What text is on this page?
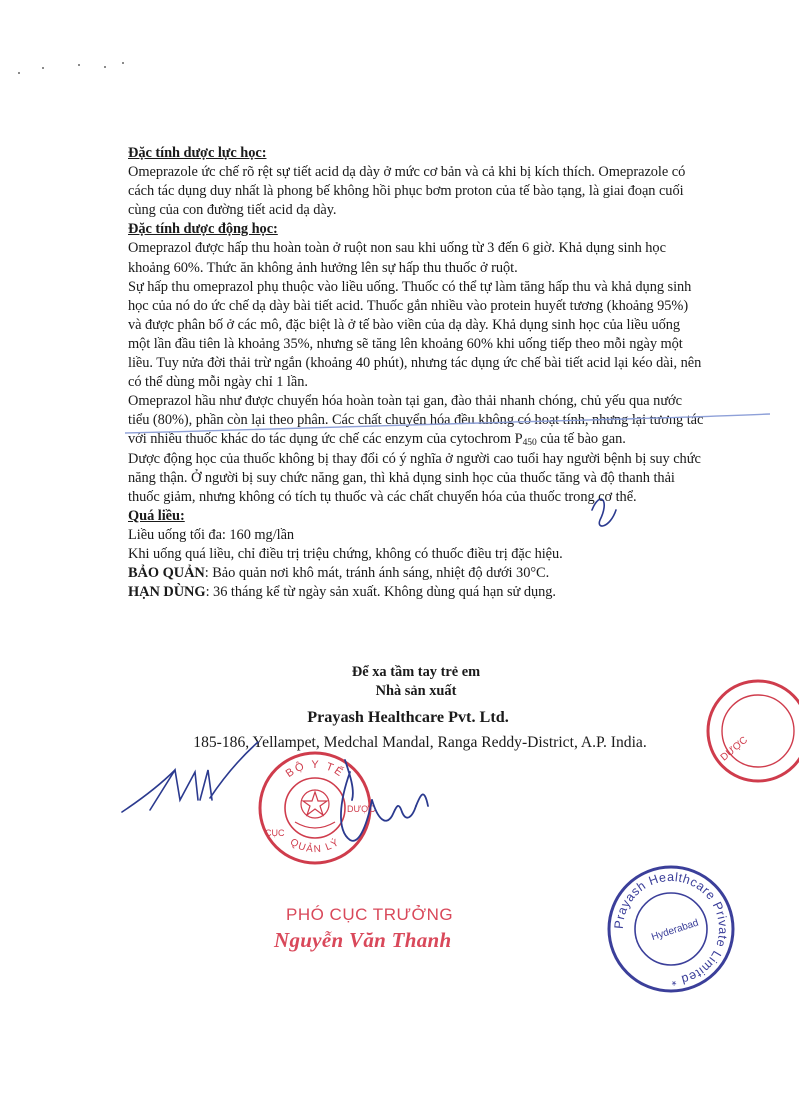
Đặc tính dược lực học:

Omeprazole ức chế rõ rệt sự tiết acid dạ dày ở mức cơ bản và cả khi bị kích thích. Omeprazole có cách tác dụng duy nhất là phong bế không hồi phục bơm proton của tế bào tạng, là giai đoạn cuối cùng của con đường tiết acid dạ dày.

Đặc tính dược động học:

Omeprazol được hấp thu hoàn toàn ở ruột non sau khi uống từ 3 đến 6 giờ. Khả dụng sinh học khoảng 60%. Thức ăn không ảnh hưởng lên sự hấp thu thuốc ở ruột.

Sự hấp thu omeprazol phụ thuộc vào liều uống. Thuốc có thể tự làm tăng hấp thu và khả dụng sinh học của nó do ức chế dạ dày bài tiết acid. Thuốc gắn nhiều vào protein huyết tương (khoảng 95%) và được phân bố ở các mô, đặc biệt là ở tế bào viền của dạ dày. Khả dụng sinh học của liều uống một lần đầu tiên là khoảng 35%, nhưng sẽ tăng lên khoảng 60% khi uống tiếp theo mỗi ngày một liều. Tuy nửa đời thải trừ ngắn (khoảng 40 phút), nhưng tác dụng ức chế bài tiết acid lại kéo dài, nên có thể dùng mỗi ngày chỉ 1 lần.

Omeprazol hầu như được chuyển hóa hoàn toàn tại gan, đào thải nhanh chóng, chủ yếu qua nước tiểu (80%), phần còn lại theo phân. Các chất chuyển hóa đều không có hoạt tính, nhưng lại tương tác với nhiều thuốc khác do tác dụng ức chế các enzym của cytochrom $P_{450}$ của tế bào gan.

Dược động học của thuốc không bị thay đổi có ý nghĩa ở người cao tuổi hay người bệnh bị suy chức năng thận. Ở người bị suy chức năng gan, thì khả dụng sinh học của thuốc tăng và độ thanh thải thuốc giảm, nhưng không có tích tụ thuốc và các chất chuyển hóa của thuốc trong cơ thể.

Quá liều:

Liều uống tối đa: 160 mg/lần

Khi uống quá liều, chỉ điều trị triệu chứng, không có thuốc điều trị đặc hiệu.

BẢO QUẢN: Bảo quản nơi khô mát, tránh ánh sáng, nhiệt độ dưới 30°C.

HẠN DÙNG: 36 tháng kể từ ngày sản xuất. Không dùng quá hạn sử dụng.

Để xa tầm tay trẻ em
Nhà sản xuất
Prayash Healthcare Pvt. Ltd.
185-186, Yellampet, Medchal Mandal, Ranga Reddy-District, A.P. India.
BỘ Y TẾ
QUẢN LÝ
CỤC
DƯỢC
DƯỢC
Prayash Healthcare Private Limited *
Hyderabad
PHÓ CỤC TRƯỞNG
Nguyễn Văn Thanh
